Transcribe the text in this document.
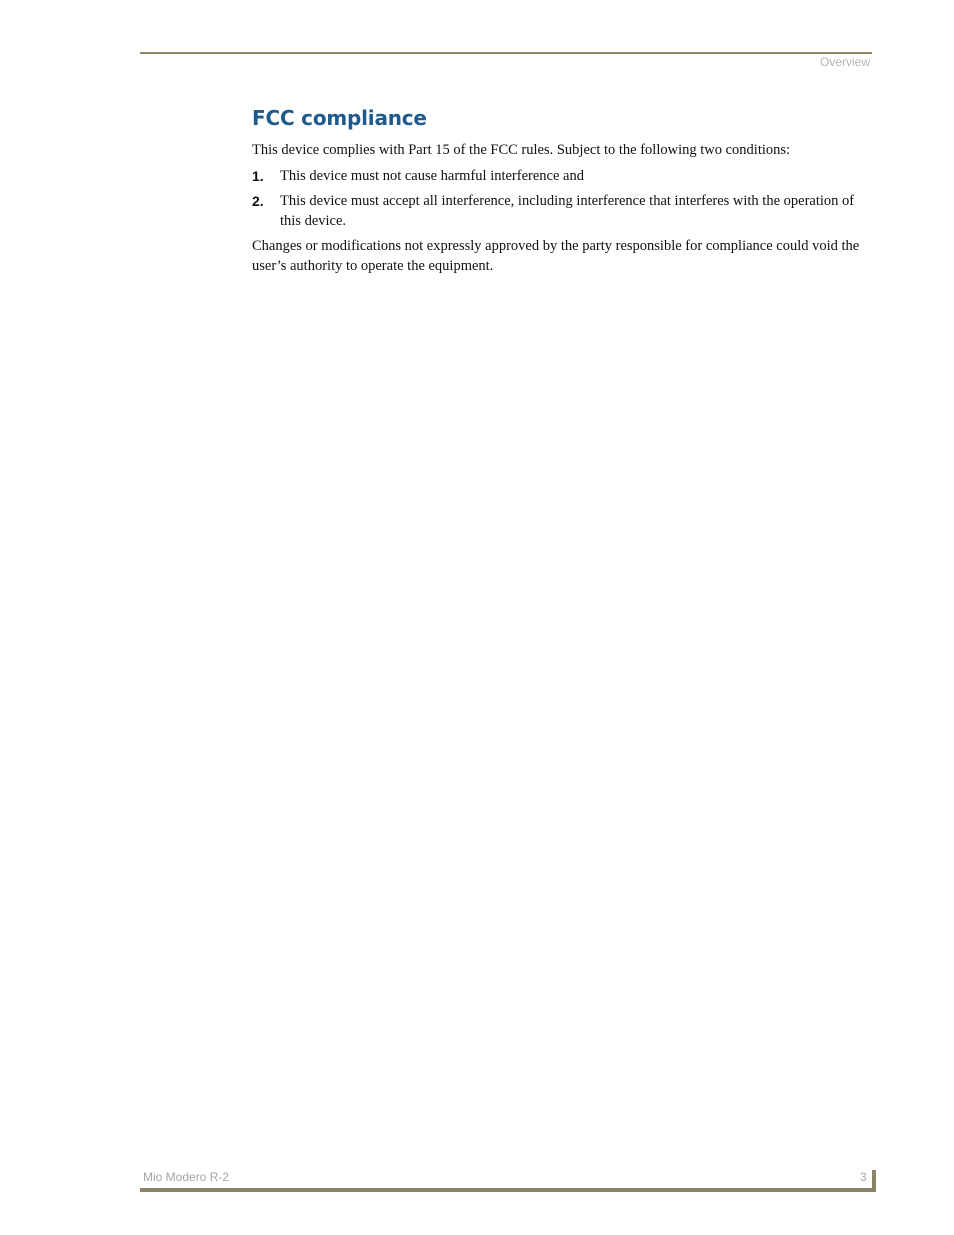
Overview
FCC compliance

This device complies with Part 15 of the FCC rules. Subject to the following two conditions:

1.	This device must not cause harmful interference and
2.	This device must accept all interference, including interference that interferes with the operation of this device.

Changes or modifications not expressly approved by the party responsible for compliance could void the user’s authority to operate the equipment.

Mio Modero R-2	3
